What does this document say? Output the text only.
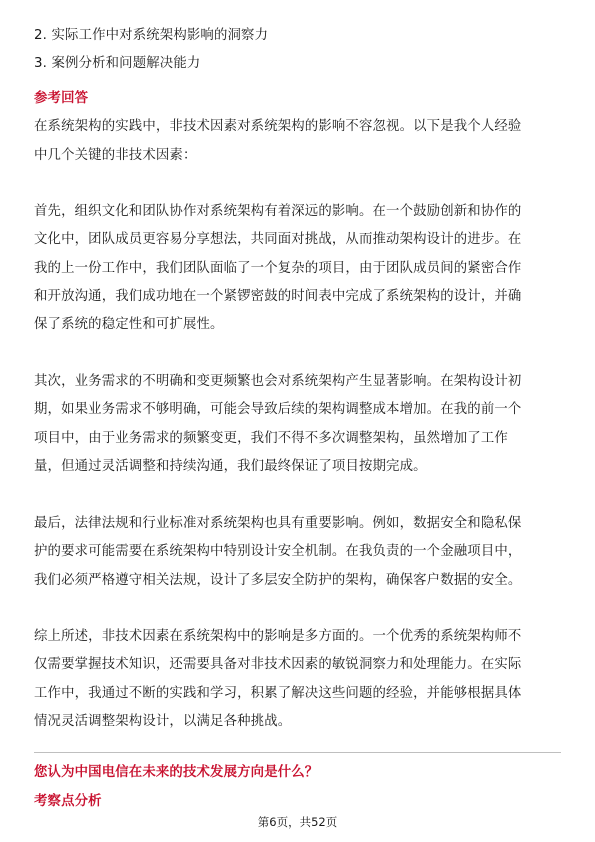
2. 实际工作中对系统架构影响的洞察力
3. 案例分析和问题解决能力
参考回答
在系统架构的实践中，非技术因素对系统架构的影响不容忽视。以下是我个人经验
中几个关键的非技术因素：
首先，组织文化和团队协作对系统架构有着深远的影响。在一个鼓励创新和协作的
文化中，团队成员更容易分享想法，共同面对挑战，从而推动架构设计的进步。在
我的上一份工作中，我们团队面临了一个复杂的项目，由于团队成员间的紧密合作
和开放沟通，我们成功地在一个紧锣密鼓的时间表中完成了系统架构的设计，并确
保了系统的稳定性和可扩展性。
其次，业务需求的不明确和变更频繁也会对系统架构产生显著影响。在架构设计初
期，如果业务需求不够明确，可能会导致后续的架构调整成本增加。在我的前一个
项目中，由于业务需求的频繁变更，我们不得不多次调整架构，虽然增加了工作
量，但通过灵活调整和持续沟通，我们最终保证了项目按期完成。
最后，法律法规和行业标准对系统架构也具有重要影响。例如，数据安全和隐私保
护的要求可能需要在系统架构中特别设计安全机制。在我负责的一个金融项目中，
我们必须严格遵守相关法规，设计了多层安全防护的架构，确保客户数据的安全。
综上所述，非技术因素在系统架构中的影响是多方面的。一个优秀的系统架构师不
仅需要掌握技术知识，还需要具备对非技术因素的敏锐洞察力和处理能力。在实际
工作中，我通过不断的实践和学习，积累了解决这些问题的经验，并能够根据具体
情况灵活调整架构设计，以满足各种挑战。
您认为中国电信在未来的技术发展方向是什么？
考察点分析
第6页，共52页
